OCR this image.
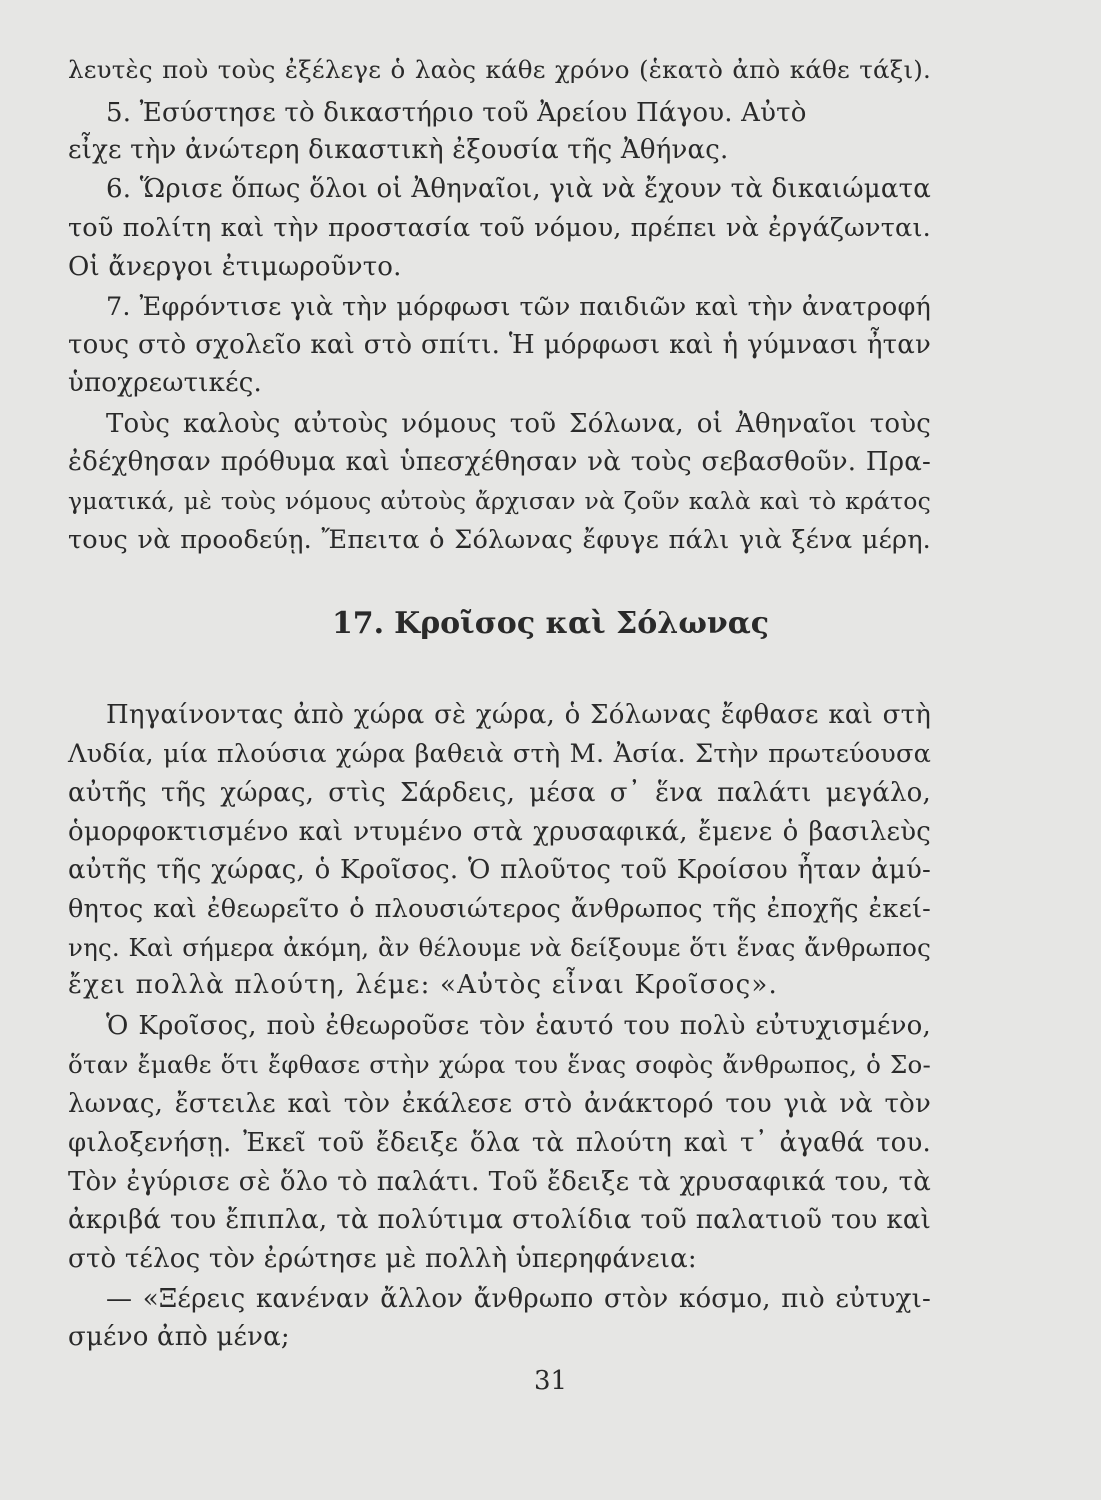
λευτὲς ποὺ τοὺς ἐξέλεγε ὁ λαὸς κάθε χρόνο (ἑκατὸ ἀπὸ κάθε τάξι).
5. Ἐσύστησε τὸ δικαστήριο τοῦ Ἀρείου Πάγου. Αὐτὸ
εἶχε τὴν ἀνώτερη δικαστικὴ ἐξουσία τῆς Ἀθήνας.
6. Ὥρισε ὅπως ὅλοι οἱ Ἀθηναῖοι, γιὰ νὰ ἔχουν τὰ δικαιώματα
τοῦ πολίτη καὶ τὴν προστασία τοῦ νόμου, πρέπει νὰ ἐργάζωνται.
Οἱ ἄνεργοι ἐτιμωροῦντο.
7. Ἐφρόντισε γιὰ τὴν μόρφωσι τῶν παιδιῶν καὶ τὴν ἀνατροφή
τους στὸ σχολεῖο καὶ στὸ σπίτι. Ἡ μόρφωσι καὶ ἡ γύμνασι ἦταν
ὑποχρεωτικές.
Τοὺς καλοὺς αὐτοὺς νόμους τοῦ Σόλωνα, οἱ Ἀθηναῖοι τοὺς
ἐδέχθησαν πρόθυμα καὶ ὑπεσχέθησαν νὰ τοὺς σεβασθοῦν. Πρα-
γματικά, μὲ τοὺς νόμους αὐτοὺς ἄρχισαν νὰ ζοῦν καλὰ καὶ τὸ κράτος
τους νὰ προοδεύῃ. Ἔπειτα ὁ Σόλωνας ἔφυγε πάλι γιὰ ξένα μέρη.
17. Κροῖσος καὶ Σόλωνας
Πηγαίνοντας ἀπὸ χώρα σὲ χώρα, ὁ Σόλωνας ἔφθασε καὶ στὴ
Λυδία, μία πλούσια χώρα βαθειὰ στὴ Μ. Ἀσία. Στὴν πρωτεύουσα
αὐτῆς τῆς χώρας, στὶς Σάρδεις, μέσα σ᾿ ἕνα παλάτι μεγάλο,
ὁμορφοκτισμένο καὶ ντυμένο στὰ χρυσαφικά, ἔμενε ὁ βασιλεὺς
αὐτῆς τῆς χώρας, ὁ Κροῖσος. Ὁ πλοῦτος τοῦ Κροίσου ἦταν ἀμύ-
θητος καὶ ἐθεωρεῖτο ὁ πλουσιώτερος ἄνθρωπος τῆς ἐποχῆς ἐκεί-
νης. Καὶ σήμερα ἀκόμη, ἂν θέλουμε νὰ δείξουμε ὅτι ἕνας ἄνθρωπος
ἔχει πολλὰ πλούτη, λέμε: «Αὐτὸς εἶναι Κροῖσος».
Ὁ Κροῖσος, ποὺ ἐθεωροῦσε τὸν ἑαυτό του πολὺ εὐτυχισμένο,
ὅταν ἔμαθε ὅτι ἔφθασε στὴν χώρα του ἕνας σοφὸς ἄνθρωπος, ὁ Σο-
λωνας, ἔστειλε καὶ τὸν ἐκάλεσε στὸ ἀνάκτορό του γιὰ νὰ τὸν
φιλοξενήσῃ. Ἐκεῖ τοῦ ἔδειξε ὅλα τὰ πλούτη καὶ τ᾿ ἀγαθά του.
Τὸν ἐγύρισε σὲ ὅλο τὸ παλάτι. Τοῦ ἔδειξε τὰ χρυσαφικά του, τὰ
ἀκριβά του ἔπιπλα, τὰ πολύτιμα στολίδια τοῦ παλατιοῦ του καὶ
στὸ τέλος τὸν ἐρώτησε μὲ πολλὴ ὑπερηφάνεια:
— «Ξέρεις κανέναν ἄλλον ἄνθρωπο στὸν κόσμο, πιὸ εὐτυχι-
σμένο ἀπὸ μένα;
31
